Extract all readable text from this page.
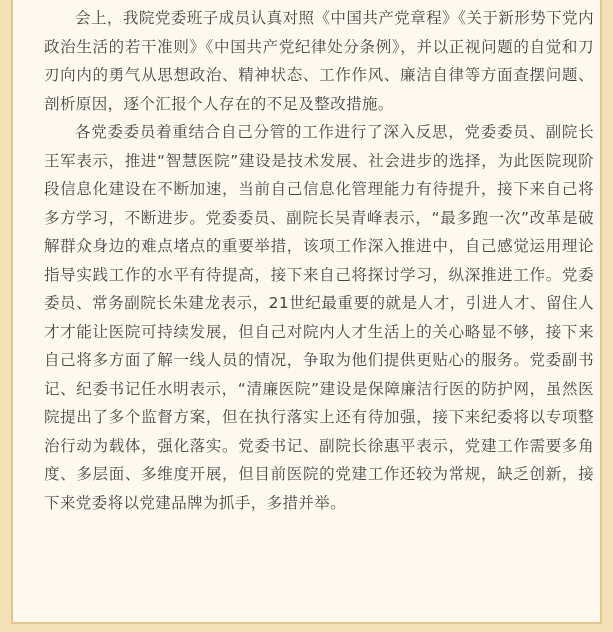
会上，我院党委班子成员认真对照《中国共产党章程》《关于新形势下党内政治生活的若干准则》《中国共产党纪律处分条例》，并以正视问题的自觉和刀刃向内的勇气从思想政治、精神状态、工作作风、廉洁自律等方面查摆问题、剖析原因，逐个汇报个人存在的不足及整改措施。

各党委委员着重结合自己分管的工作进行了深入反思，党委委员、副院长王军表示，推进“智慧医院”建设是技术发展、社会进步的选择，为此医院现阶段信息化建设在不断加速，当前自己信息化管理能力有待提升，接下来自己将多方学习，不断进步。党委委员、副院长吴青峰表示，“最多跑一次”改革是破解群众身边的难点堵点的重要举措，该项工作深入推进中，自己感觉运用理论指导实践工作的水平有待提高，接下来自己将探讨学习，纵深推进工作。党委委员、常务副院长朱建龙表示，21世纪最重要的就是人才，引进人才、留住人才才能让医院可持续发展，但自己对院内人才生活上的关心略显不够，接下来自己将多方面了解一线人员的情况，争取为他们提供更贴心的服务。党委副书记、纪委书记任水明表示，“清廉医院”建设是保障廉洁行医的防护网，虽然医院提出了多个监督方案，但在执行落实上还有待加强，接下来纪委将以专项整治行动为载体，强化落实。党委书记、副院长徐惠平表示，党建工作需要多角度、多层面、多维度开展，但目前医院的党建工作还较为常规，缺乏创新，接下来党委将以党建品牌为抓手，多措并举。
